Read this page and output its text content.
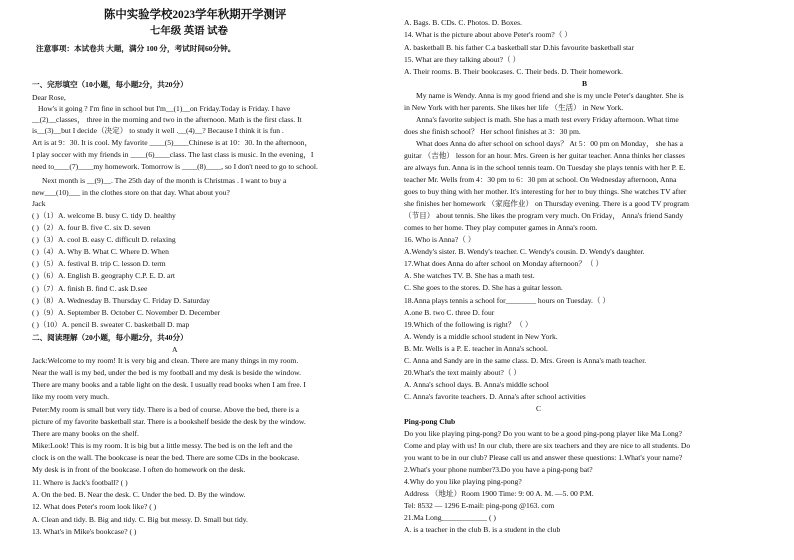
陈中实验学校2023学年秋期开学测评
七年级 英语 试卷
注意事项：本试卷共 大题，满分 100 分，考试时间60分钟。
一、完形填空（10小题，每小题2分，共20分）
Dear Rose,
How's it going ? I'm fine in school but I'm__(1)__on Friday.Today is Friday. I have
__(2)__classes， three in the morning and two in the afternoon. Math is the first class. It
is__(3)__but I decide（决定） to study it well .__(4)__? Because I think it is fun .
Art is at 9：30. It is cool. My favorite ____(5)____Chinese is at 10：30. In the afternoon，
I play soccer with my friends in ____(6)____class. The last class is music. In the evening，I
need to____(7)____my homework. Tomorrow is ____(8)____, so I don't need to go to school.
Next month is __(9)__. The 25th day of the month is Christmas . I want to buy a
new___(10)___ in the clothes store on that day. What about you?
Jack
( )（1）A. welcome B. busy C. tidy D. healthy
( )（2）A. four B. five C. six D. seven
( )（3）A. cool B. easy C. difficult D. relaxing
( )（4）A. Why B. What C. Where D. When
( )（5）A. festival B. trip C. lesson D. term
( )（6）A. English B. geography C.P. E. D. art
( )（7）A. finish B. find C. ask D.see
( )（8）A. Wednesday B. Thursday C. Friday D. Saturday
( )（9）A. September B. October C. November D. December
( )（10）A. pencil B. sweater C. basketball D. map
二、阅读理解（20小题，每小题2分，共40分）
A
Jack:Welcome to my room! It is very big and clean. There are many things in my room.
Near the wall is my bed, under the bed is my football and my desk is beside the window.
There are many books and a table light on the desk. I usually read books when I am free. I
like my room very much.
Peter:My room is small but very tidy. There is a bed of course. Above the bed, there is a
picture of my favorite basketball star. There is a bookshelf beside the desk by the window.
There are many books on the shelf.
Mike:Look! This is my room. It is big but a little messy. The bed is on the left and the
clock is on the wall. The bookcase is near the bed. There are some CDs in the bookcase.
My desk is in front of the bookcase. I often do homework on the desk.
11. Where is Jack's football? ( )
A. On the bed. B. Near the desk. C. Under the bed. D. By the window.
12. What does Peter's room look like? ( )
A. Clean and tidy. B. Big and tidy. C. Big but messy. D. Small but tidy.
13. What's in Mike's bookcase? ( )
A. Bags. B. CDs. C. Photos. D. Boxes.
14. What is the picture about above Peter's room?（ ）
A. basketball B. his father C.a basketball star D.his favourite basketball star
15. What are they talking about?（ ）
A. Their rooms. B. Their bookcases. C. Their beds. D. Their homework.
B
My name is Wendy. Anna is my good friend and she is my uncle Peter's daughter. She is
in New York with her parents. She likes her life （生活） in New York.
Anna's favorite subject is math. She has a math test every Friday afternoon. What time
does she finish school？ Her school finishes at 3：30 pm.
What does Anna do after school on school days？ At 5：00 pm on Monday， she has a
guitar （吉他） lesson for an hour. Mrs. Green is her guitar teacher. Anna thinks her classes
are always fun. Anna is in the school tennis team. On Tuesday she plays tennis with her P. E.
teacher Mr. Wells from 4：30 pm to 6：30 pm at school. On Wednesday afternoon, Anna
goes to buy thing with her mother. It's interesting for her to buy things. She watches TV after
she finishes her homework （家庭作业） on Thursday evening. There is a good TV program
（节目） about tennis. She likes the program very much. On Friday， Anna's friend Sandy
comes to her home. They play computer games in Anna's room.
16. Who is Anna?（ ）
A.Wendy's sister. B. Wendy's teacher. C. Wendy's cousin. D. Wendy's daughter.
17.What does Anna do after school on Monday afternoon？（ ）
A. She watches TV. B. She has a math test.
C. She goes to the stores. D. She has a guitar lesson.
18.Anna plays tennis a school for________ hours on Tuesday.（ ）
A.one B. two C. three D. four
19.Which of the following is right？（ ）
A. Wendy is a middle school student in New York.
B. Mr. Wells is a P. E. teacher in Anna's school.
C. Anna and Sandy are in the same class. D. Mrs. Green is Anna's math teacher.
20.What's the text mainly about?（ ）
A. Anna's school days. B. Anna's middle school
C. Anna's favorite teachers. D. Anna's after school activities
C
Ping-pong Club
Do you like playing ping-pong? Do you want to be a good ping-pong player like Ma Long?
Come and play with us! In our club, there are six teachers and they are nice to all students. Do
you want to be in our club? Please call us and answer these questions: 1.What's your name?
2.What's your phone number?3.Do you have a ping-pong bat?
4.Why do you like playing ping-pong?
Address （地址）Room 1900 Time: 9: 00 A. M. —5. 00 P.M.
Tel: 8532 — 1296 E-mail: ping-pong @163. com
21.Ma Long____________ ( )
A. is a teacher in the club B. is a student in the club
